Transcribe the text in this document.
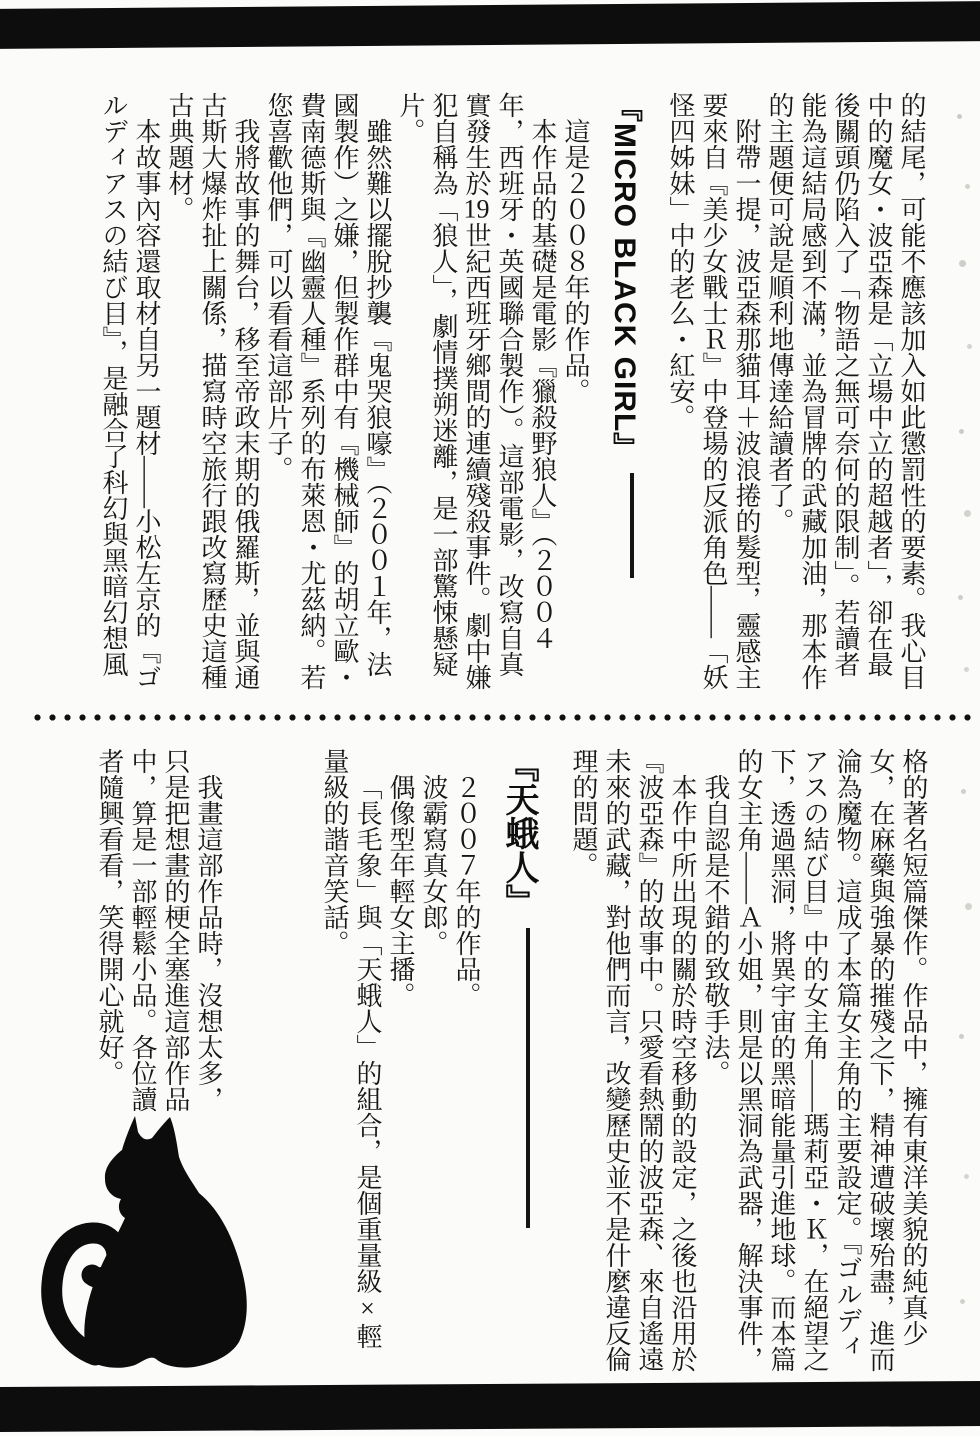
的結尾，可能不應該加入如此懲罰性的要素。我心目中的魔女・波亞森是「立場中立的超越者」，卻在最後關頭仍陷入了「物語之無可奈何的限制」。若讀者能為這結局感到不滿，並為冒牌的武藏加油，那本作的主題便可說是順利地傳達給讀者了。

附帶一提，波亞森那貓耳＋波浪捲的髮型，靈感主要來自『美少女戰士Ｒ』中登場的反派角色——「妖怪四姊妹」中的老么・紅安。

『MICRO BLACK GIRL』

這是２００８年的作品。

本作品的基礎是電影『獵殺野狼人』（２００４年，西班牙・英國聯合製作）。這部電影，改寫自真實發生於19世紀西班牙鄉間的連續殘殺事件。劇中嫌犯自稱為「狼人」，劇情撲朔迷離，是一部驚悚懸疑片。

雖然難以擺脫抄襲『鬼哭狼嚎』（２００１年，法國製作）之嫌，但製作群中有『機械師』的胡立歐・費南德斯與『幽靈人種』系列的布萊恩・尤茲納。若您喜歡他們，可以看看這部片子。

我將故事的舞台，移至帝政末期的俄羅斯，並與通古斯大爆炸扯上關係，描寫時空旅行跟改寫歷史這種古典題材。

本故事內容還取材自另一題材——小松左京的『ゴルディアスの結び目』，是融合了科幻與黑暗幻想風

格的著名短篇傑作。作品中，擁有東洋美貌的純真少女，在麻藥與強暴的摧殘之下，精神遭破壞殆盡，進而淪為魔物。這成了本篇女主角的主要設定。『ゴルディアスの結び目』中的女主角——瑪莉亞・Ｋ，在絕望之下，透過黑洞，將異宇宙的黑暗能量引進地球。而本篇的女主角——Ａ小姐，則是以黑洞為武器，解決事件，

我自認是不錯的致敬手法。

本作中所出現的關於時空移動的設定，之後也沿用於『波亞森』的故事中。只愛看熱鬧的波亞森、來自遙遠未來的武藏，對他們而言，改變歷史並不是什麼違反倫理的問題。

『天蛾人』

２００７年的作品。

波霸寫真女郎。

偶像型年輕女主播。

「長毛象」與「天蛾人」的組合，是個重量級×輕量級的諧音笑話。

我畫這部作品時，沒想太多，只是把想畫的梗全塞進這部作品中，算是一部輕鬆小品。各位讀者隨興看看，笑得開心就好。
